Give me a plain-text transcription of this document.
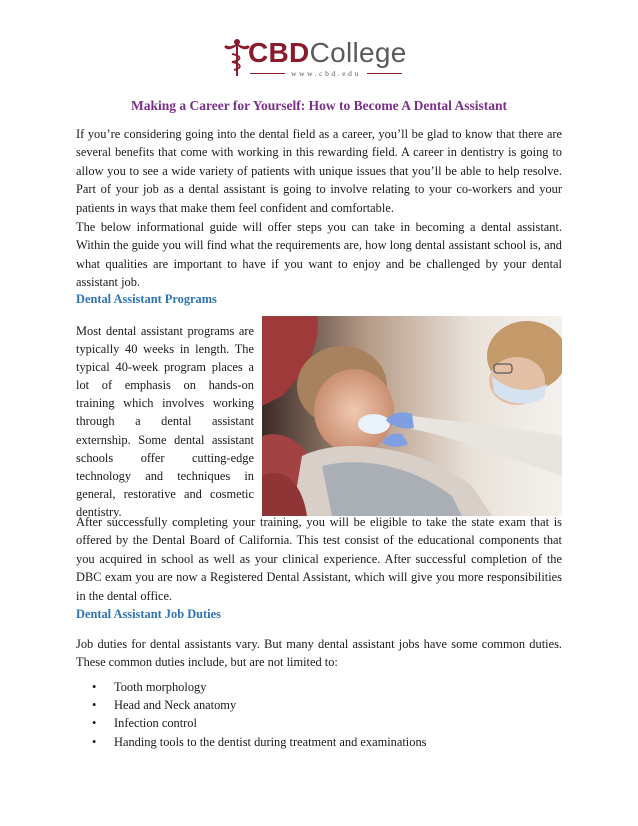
CBDCollege
www.cbd.edu
Making a Career for Yourself: How to Become A Dental Assistant

If you’re considering going into the dental field as a career, you’ll be glad to know that there are several benefits that come with working in this rewarding field. A career in dentistry is going to allow you to see a wide variety of patients with unique issues that you’ll be able to help resolve. Part of your job as a dental assistant is going to involve relating to your co-workers and your patients in ways that make them feel confident and comfortable.

The below informational guide will offer steps you can take in becoming a dental assistant. Within the guide you will find what the requirements are, how long dental assistant school is, and what qualities are important to have if you want to enjoy and be challenged by your dental assistant job.

Dental Assistant Programs

Most dental assistant programs are typically 40 weeks in length. The typical 40-week program places a lot of emphasis on hands-on training which involves working through a dental assistant externship. Some dental assistant schools offer cutting-edge technology and techniques in general, restorative and cosmetic dentistry.

After successfully completing your training, you will be eligible to take the state exam that is offered by the Dental Board of California. This test consist of the educational components that you acquired in school as well as your clinical experience. After successful completion of the DBC exam you are now a Registered Dental Assistant, which will give you more responsibilities in the dental office.

Dental Assistant Job Duties

Job duties for dental assistants vary. But many dental assistant jobs have some common duties. These common duties include, but are not limited to:

• Tooth morphology
• Head and Neck anatomy
• Infection control
• Handing tools to the dentist during treatment and examinations
